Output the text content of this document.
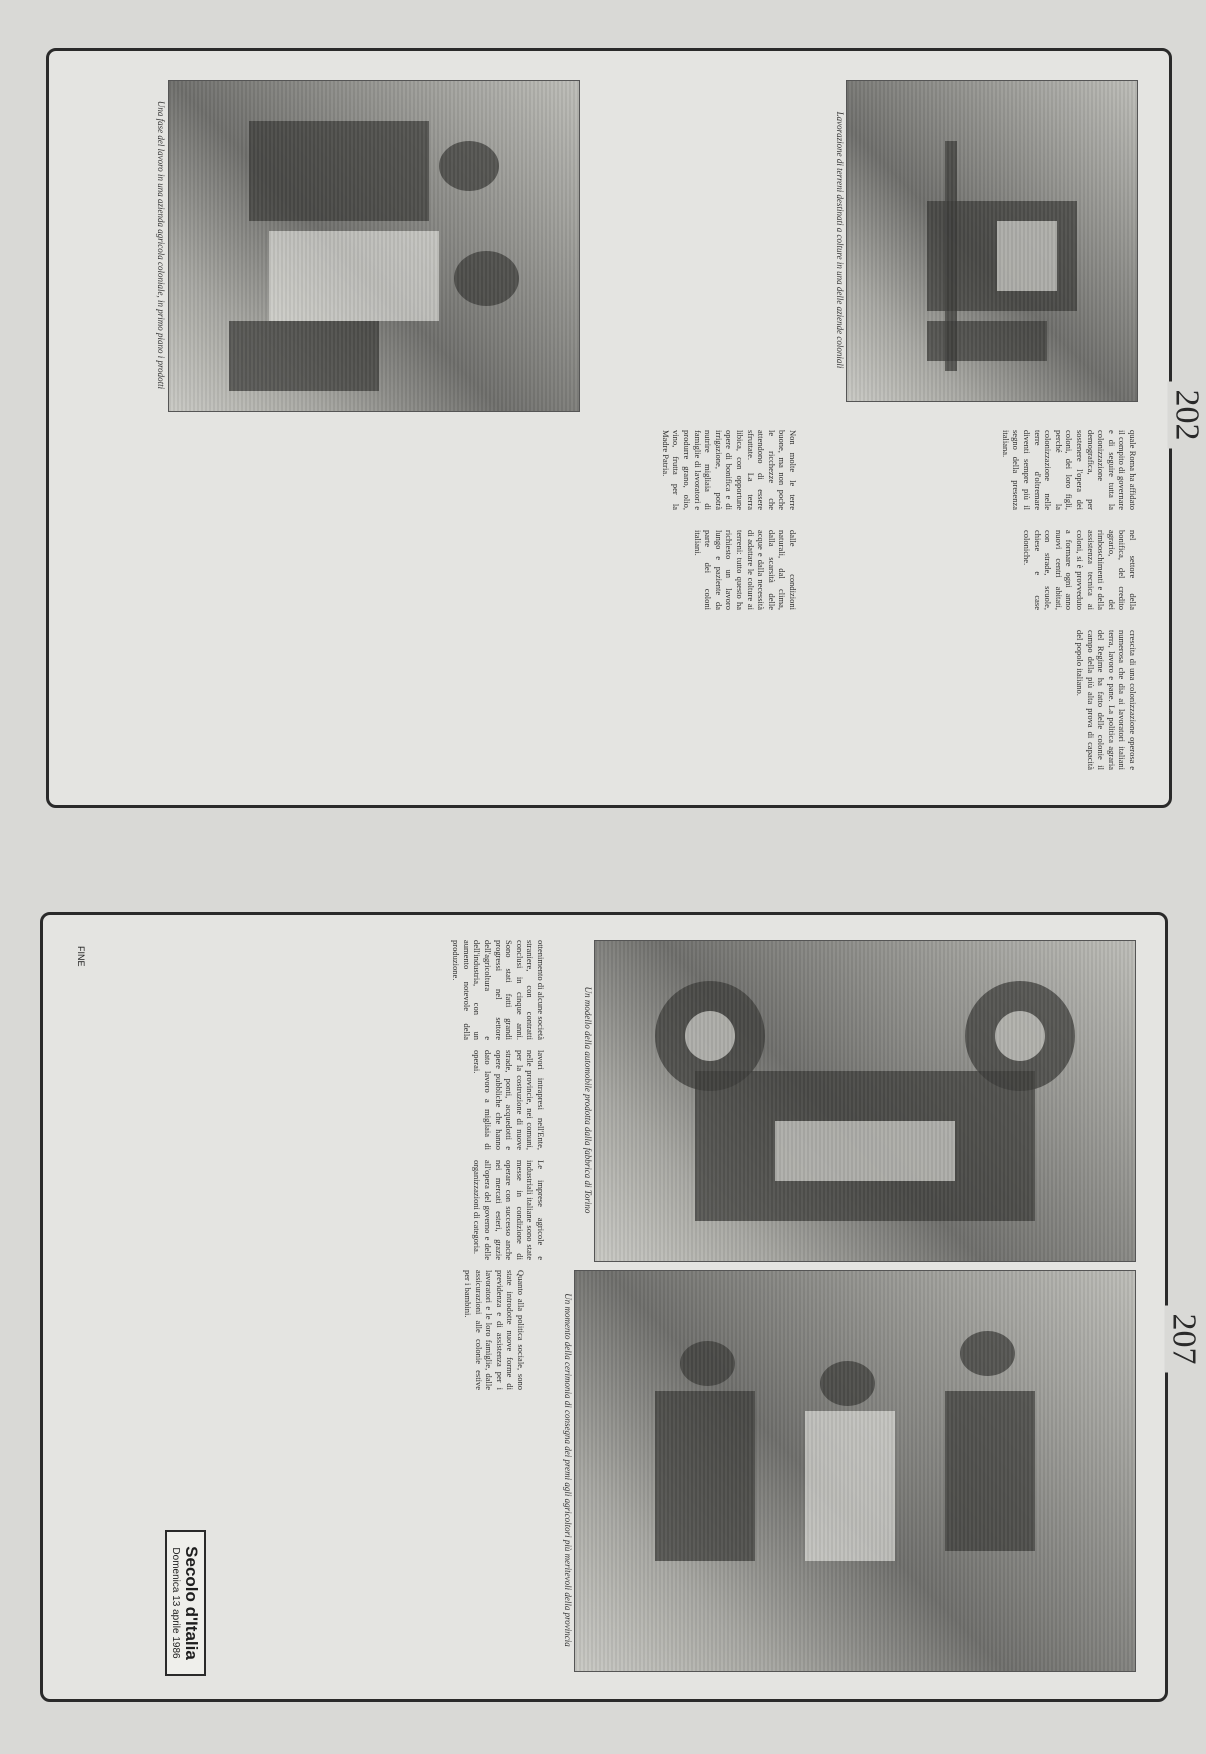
202
Lavorazione di terreni destinati a colture in una delle aziende coloniali
Una fase del lavoro in una azienda agricola coloniale, in primo piano i prodotti
quale Roma ha affidato il compito di governare e di seguire tutta la colonizzazione demografica, per sostenere l'opera dei coloni, dei loro figli, perché la colonizzazione nelle terre d'oltremare diventi sempre più il segno della presenza italiana.
Non molte le terre buone, ma non poche le ricchezze che attendono di essere sfruttate. La terra libica, con opportune opere di bonifica e di irrigazione, potrà nutrire migliaia di famiglie di lavoratori e produrre grano, olio, vino, frutta per la Madre Patria.
nel settore della bonifica, del credito agrario, dei rimboschimenti e della assistenza tecnica ai coloni, si è provveduto a formare ogni anno nuovi centri abitati, con strade, scuole, chiese e case coloniche.
dalle condizioni naturali, dal clima, dalla scarsità delle acque e dalla necessità di adattare le colture ai terreni: tutto questo ha richiesto un lavoro lungo e paziente da parte dei coloni italiani.
crescita di una colonizzazione operosa e numerosa che dia ai lavoratori italiani terra, lavoro e pane. La politica agraria del Regime ha fatto delle colonie il campo della più alta prova di capacità del popolo italiano.
207
Un modello della automobile prodotta dalla fabbrica di Torino
Un momento della cerimonia di consegna dei premi agli agricoltori più meritevoli della provincia
ottenimento di alcune società straniere, con contratti conclusi in cinque anni. Sono stati fatti grandi progressi nel settore dell'agricoltura e dell'industria, con un aumento notevole della produzione.
lavori intrapresi nell'Ente, nelle provincie, nei comuni, per la costruzione di nuove strade, ponti, acquedotti e opere pubbliche che hanno dato lavoro a migliaia di operai.
Le imprese agricole e industriali italiane sono state messe in condizione di operare con successo anche nei mercati esteri, grazie all'opera del governo e delle organizzazioni di categoria.
Quanto alla politica sociale, sono state introdotte nuove forme di previdenza e di assistenza per i lavoratori e le loro famiglie, dalle assicurazioni alle colonie estive per i bambini.
Secolo d'Italia
Domenica 13 aprile 1986
FINE
